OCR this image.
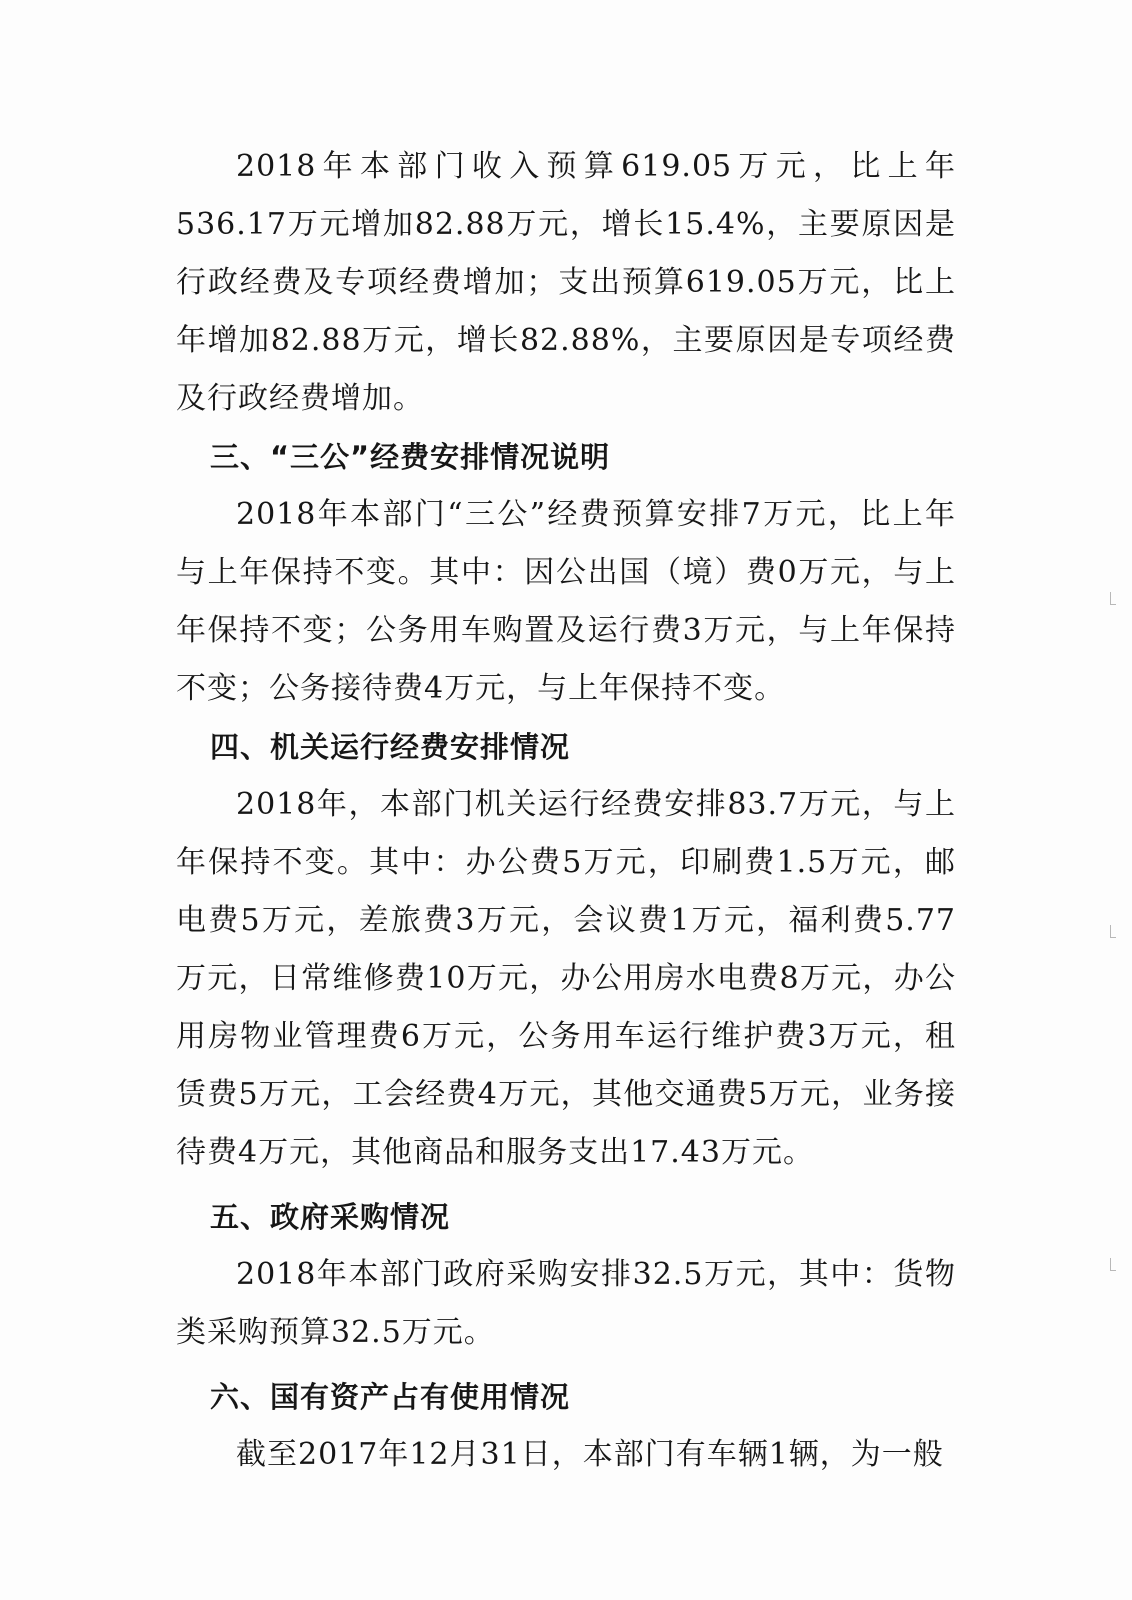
2018年本部门收入预算619.05万元，比上年536.17万元增加82.88万元，增长15.4%，主要原因是行政经费及专项经费增加；支出预算619.05万元，比上年增加82.88万元，增长82.88%，主要原因是专项经费及行政经费增加。

三、“三公”经费安排情况说明

2018年本部门“三公”经费预算安排7万元，比上年与上年保持不变。其中：因公出国（境）费0万元，与上年保持不变；公务用车购置及运行费3万元，与上年保持不变；公务接待费4万元，与上年保持不变。

四、机关运行经费安排情况

2018年，本部门机关运行经费安排83.7万元，与上年保持不变。其中：办公费5万元，印刷费1.5万元，邮电费5万元，差旅费3万元，会议费1万元，福利费5.77万元，日常维修费10万元，办公用房水电费8万元，办公用房物业管理费6万元，公务用车运行维护费3万元，租赁费5万元，工会经费4万元，其他交通费5万元，业务接待费4万元，其他商品和服务支出17.43万元。

五、政府采购情况

2018年本部门政府采购安排32.5万元，其中：货物类采购预算32.5万元。

六、国有资产占有使用情况

截至2017年12月31日，本部门有车辆1辆，为一般
